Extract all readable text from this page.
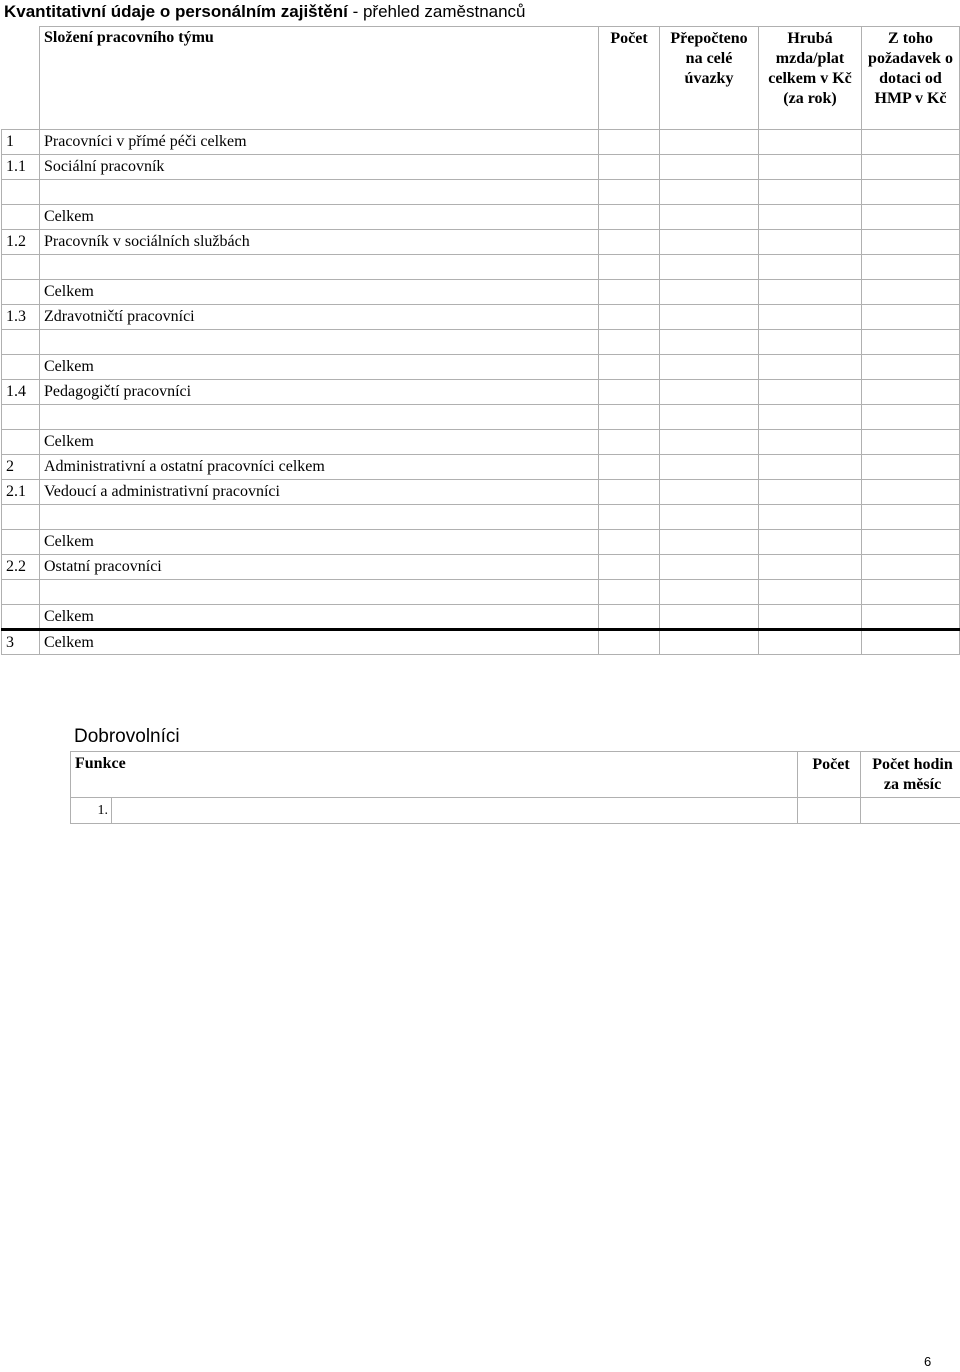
Kvantitativní údaje o personálním zajištění - přehled zaměstnanců
	Složení pracovního týmu	Počet	Přepočteno na celé úvazky	Hrubá mzda/plat celkem v Kč (za rok)	Z toho požadavek o dotaci od HMP v Kč
1	Pracovníci v přímé péči celkem				
1.1	Sociální pracovník				

	Celkem				
1.2	Pracovník v sociálních službách				

	Celkem				
1.3	Zdravotničtí pracovníci				

	Celkem				
1.4	Pedagogičtí pracovníci				

	Celkem				
2	Administrativní a ostatní pracovníci celkem				
2.1	Vedoucí a administrativní pracovníci				

	Celkem				
2.2	Ostatní pracovníci				

	Celkem				
3	Celkem				
Dobrovolníci
Funkce		Počet	Počet hodin za měsíc
1.			
6
